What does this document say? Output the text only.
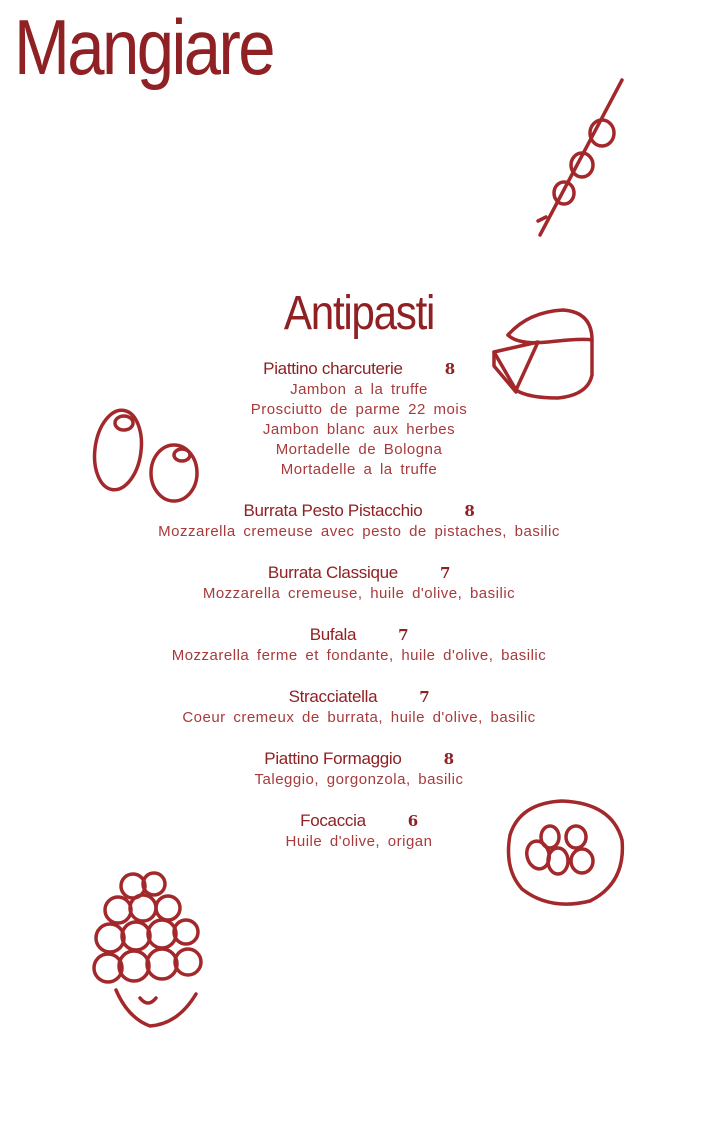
Mangiare
Antipasti
Piattino charcuterie	8
Jambon a la truffe
Prosciutto de parme 22 mois
Jambon blanc aux herbes
Mortadelle de Bologna
Mortadelle a la truffe
Burrata Pesto Pistacchio	8
Mozzarella cremeuse avec pesto de pistaches, basilic
Burrata Classique	7
Mozzarella cremeuse, huile d'olive, basilic
Bufala	7
Mozzarella ferme et fondante, huile d'olive, basilic
Stracciatella	7
Coeur cremeux de burrata, huile d'olive, basilic
Piattino Formaggio	8
Taleggio, gorgonzola, basilic
Focaccia	6
Huile d'olive, origan
